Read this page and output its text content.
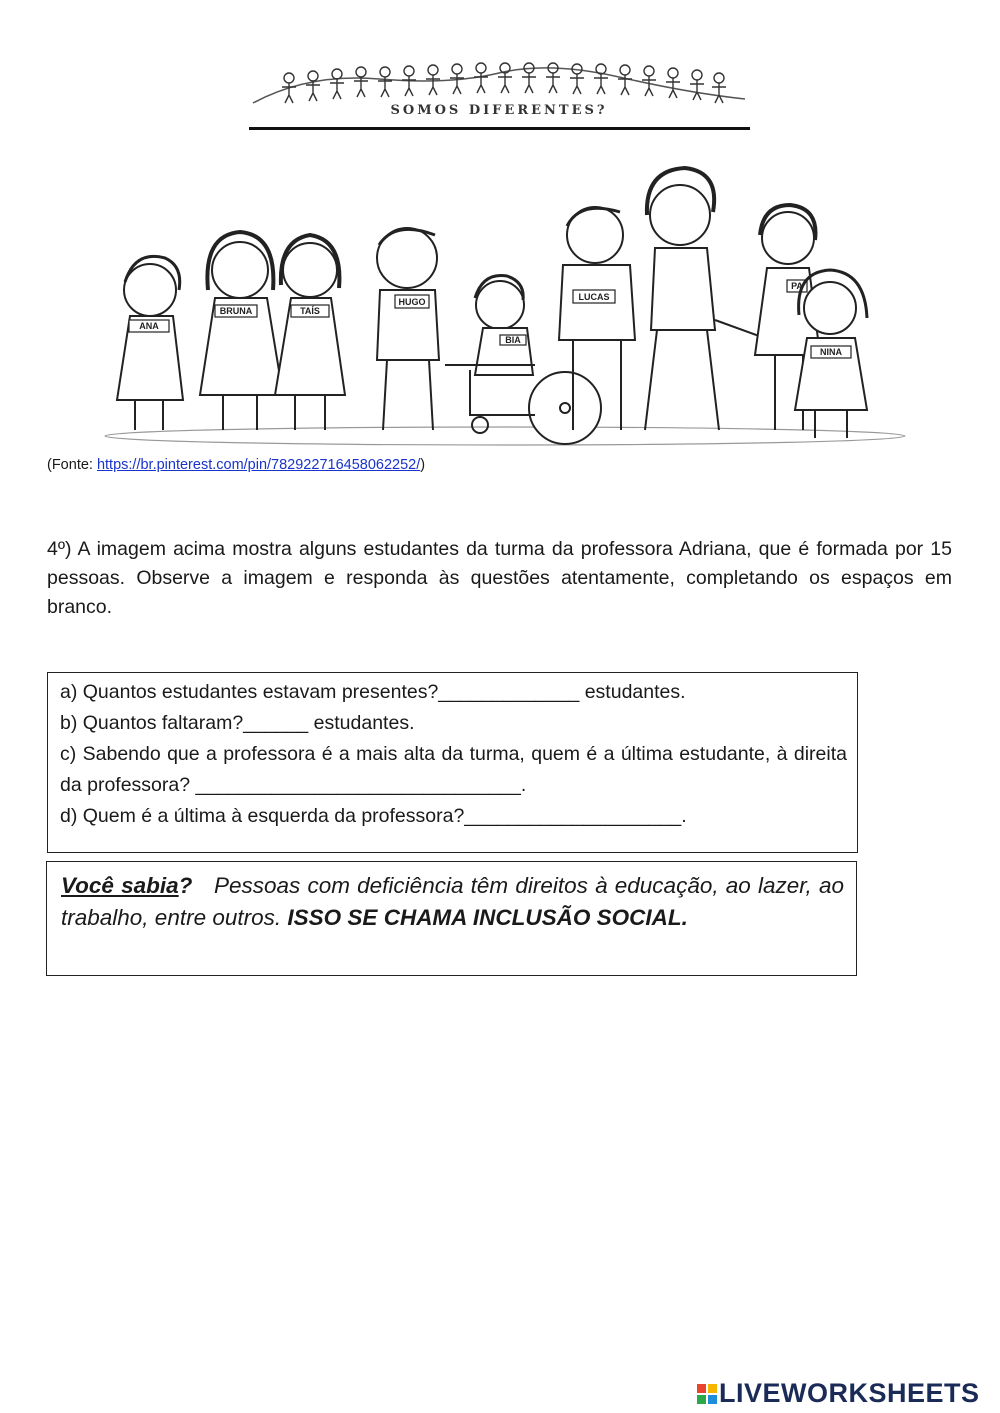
SOMOS DIFERENTES?
ANA
BRUNA	TAÍS
HUGO
BIA
LUCAS
PA
NINA
(Fonte: https://br.pinterest.com/pin/782922716458062252/)
4º) A imagem acima mostra alguns estudantes da turma da professora Adriana, que é formada por 15 pessoas. Observe a imagem e responda às questões atentamente, completando os espaços em branco.
a) Quantos estudantes estavam presentes?_____________ estudantes.
b) Quantos faltaram?______ estudantes.
c) Sabendo que a professora é a mais alta da turma, quem é a última estudante, à direita da professora? ______________________________.
d) Quem é a última à esquerda da professora?____________________.
Você sabia? Pessoas com deficiência têm direitos à educação, ao lazer, ao trabalho, entre outros. ISSO SE CHAMA INCLUSÃO SOCIAL.
LIVEWORKSHEETS
